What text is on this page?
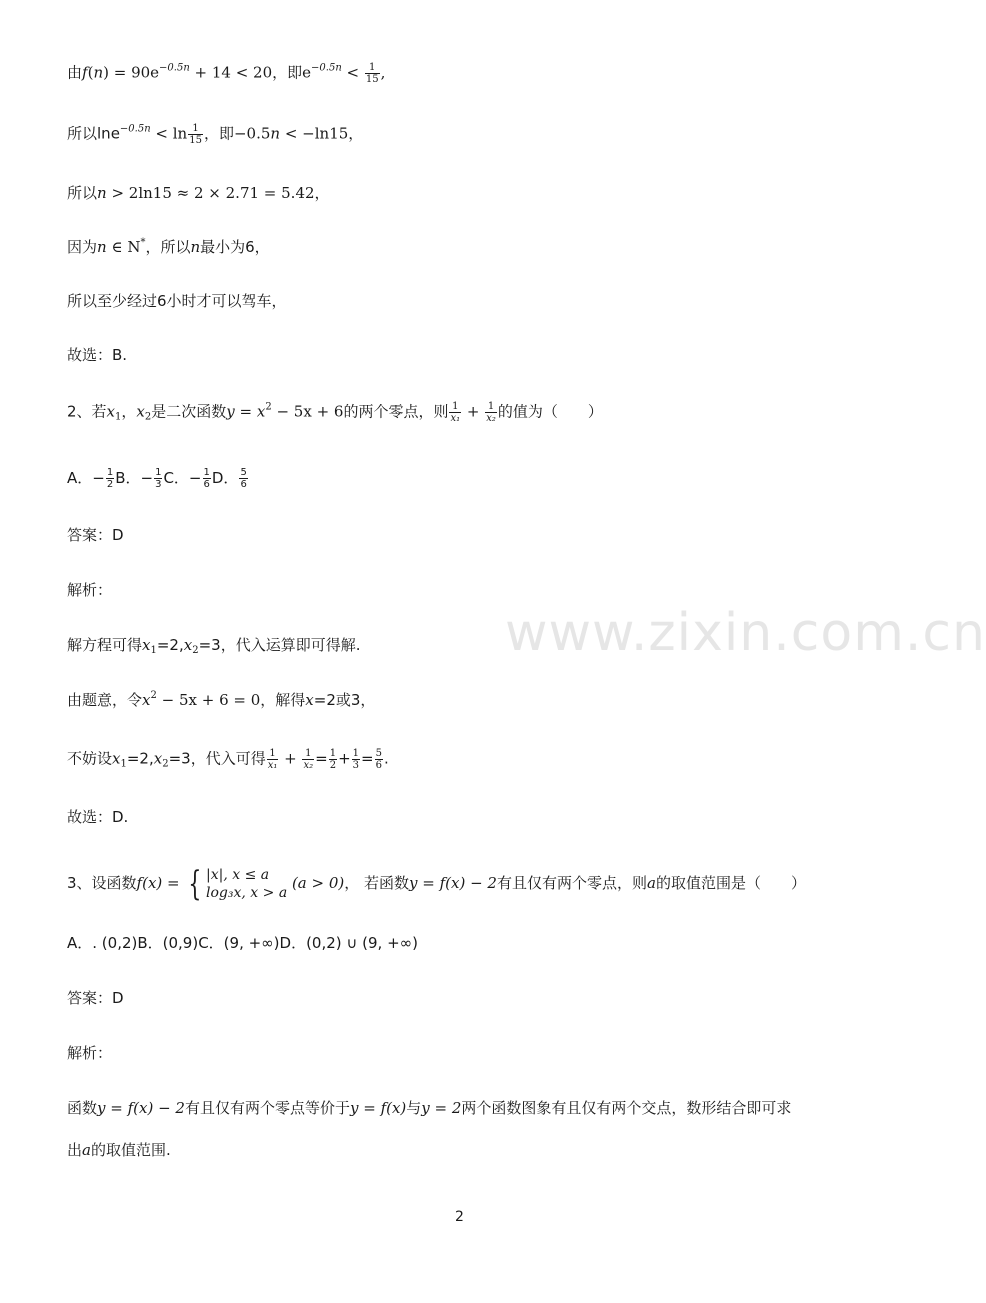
由$f(n) = 90e^{-0.5n} + 14 < 20$，即$e^{-0.5n} < \frac{1}{15}$ ,
所以$\ln e^{-0.5n} < \ln \frac{1}{15}$ ，即−0.5n < −ln15，
所以n > 2ln15 ≈ 2 × 2.71 = 5.42，
因为n ∈ N*，所以n最小为6，
所以至少经过6小时才可以驾车，
故选：B.
2、若$x_1$，$x_2$是二次函数$y = x^2 - 5x + 6$的两个零点，则 $\frac{1}{\text{x₁}} + \frac{1}{\text{x₂}}$ 的值为（　　）
A．− $\frac{1}{2}$ B．− $\frac{1}{3}$ C．− $\frac{1}{6}$ D． $\frac{5}{6}$
答案：D
解析：
解方程可得$x_1=2,x_2=3$，代入运算即可得解.
由题意，令$x^2 - 5x + 6 = 0$，解得x=2或3，
不妨设$x_1=2,x_2=3$，代入可得 $\frac{1}{\text{x₁}} + \frac{1}{\text{x₂}} = \frac{1}{2} + \frac{1}{3} = \frac{5}{6}$ .
故选：D.
3、设函数f(x) = { |x|, x ≤ a
log₃x, x > a
(a > 0)， 若函数y = f(x) − 2有且仅有两个零点，则a的取值范围是（　　）
A．. (0,2)B．(0,9)C．(9, +∞)D．(0,2) ∪ (9, +∞)
答案：D
解析：
函数y = f(x) − 2有且仅有两个零点等价于y = f(x)与y = 2两个函数图象有且仅有两个交点，数形结合即可求
出a的取值范围.
www.zixin.com.cn
2
